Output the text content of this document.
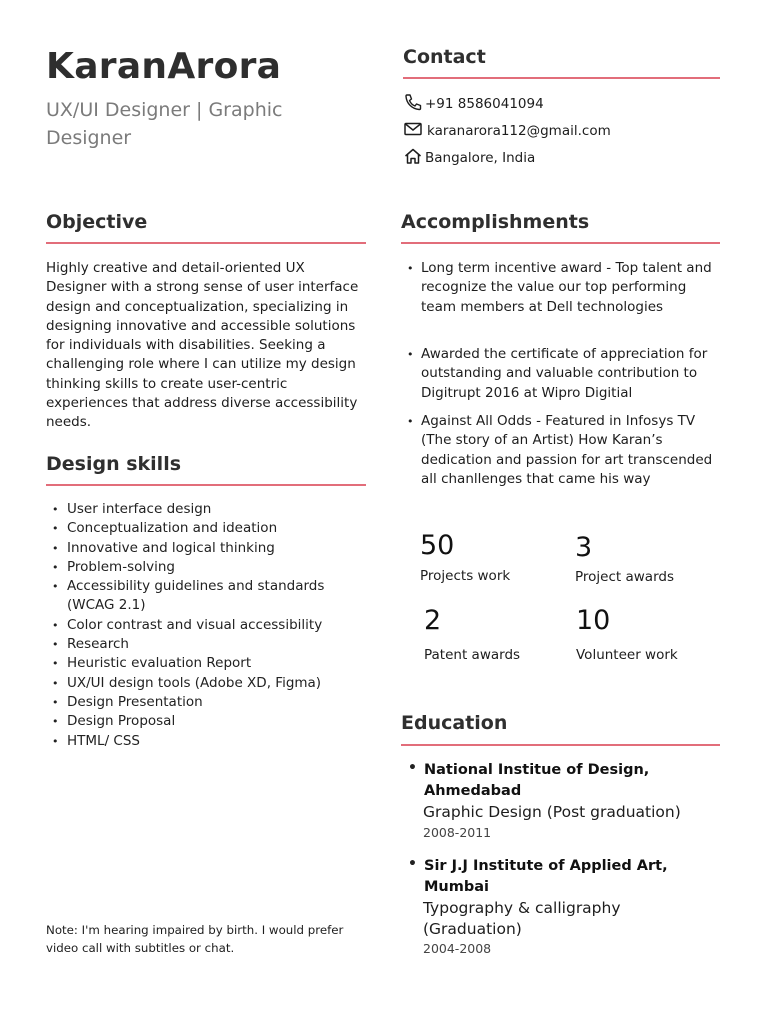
KaranArora
UX/UI Designer | Graphic Designer
Contact
+91 8586041094
karanarora112@gmail.com
Bangalore, India
Objective
Highly creative and detail-oriented UX Designer with a strong sense of user interface design and conceptualization, specializing in designing innovative and accessible solutions for individuals with disabilities. Seeking a challenging role where I can utilize my design thinking skills to create user-centric experiences that address diverse accessibility needs.
Design skills
• User interface design
• Conceptualization and ideation
• Innovative and logical thinking
• Problem-solving
• Accessibility guidelines and standards (WCAG 2.1)
• Color contrast and visual accessibility
• Research
• Heuristic evaluation Report
• UX/UI design tools (Adobe XD, Figma)
• Design Presentation
• Design Proposal
• HTML/ CSS
Accomplishments
• Long term incentive award - Top talent and recognize the value our top performing team members at Dell technologies
• Awarded the certificate of appreciation for outstanding and valuable contribution to Digitrupt 2016 at Wipro Digitial
• Against All Odds - Featured in Infosys TV (The story of an Artist) How Karan’s dedication and passion for art transcended all chanllenges that came his way
50
Projects work
3
Project awards
2
Patent awards
10
Volunteer work
Education
• National Institue of Design, Ahmedabad
Graphic Design (Post graduation)
2008-2011
• Sir J.J Institute of Applied Art, Mumbai
Typography & calligraphy (Graduation)
2004-2008
Note: I'm hearing impaired by birth. I would prefer video call with subtitles or chat.
